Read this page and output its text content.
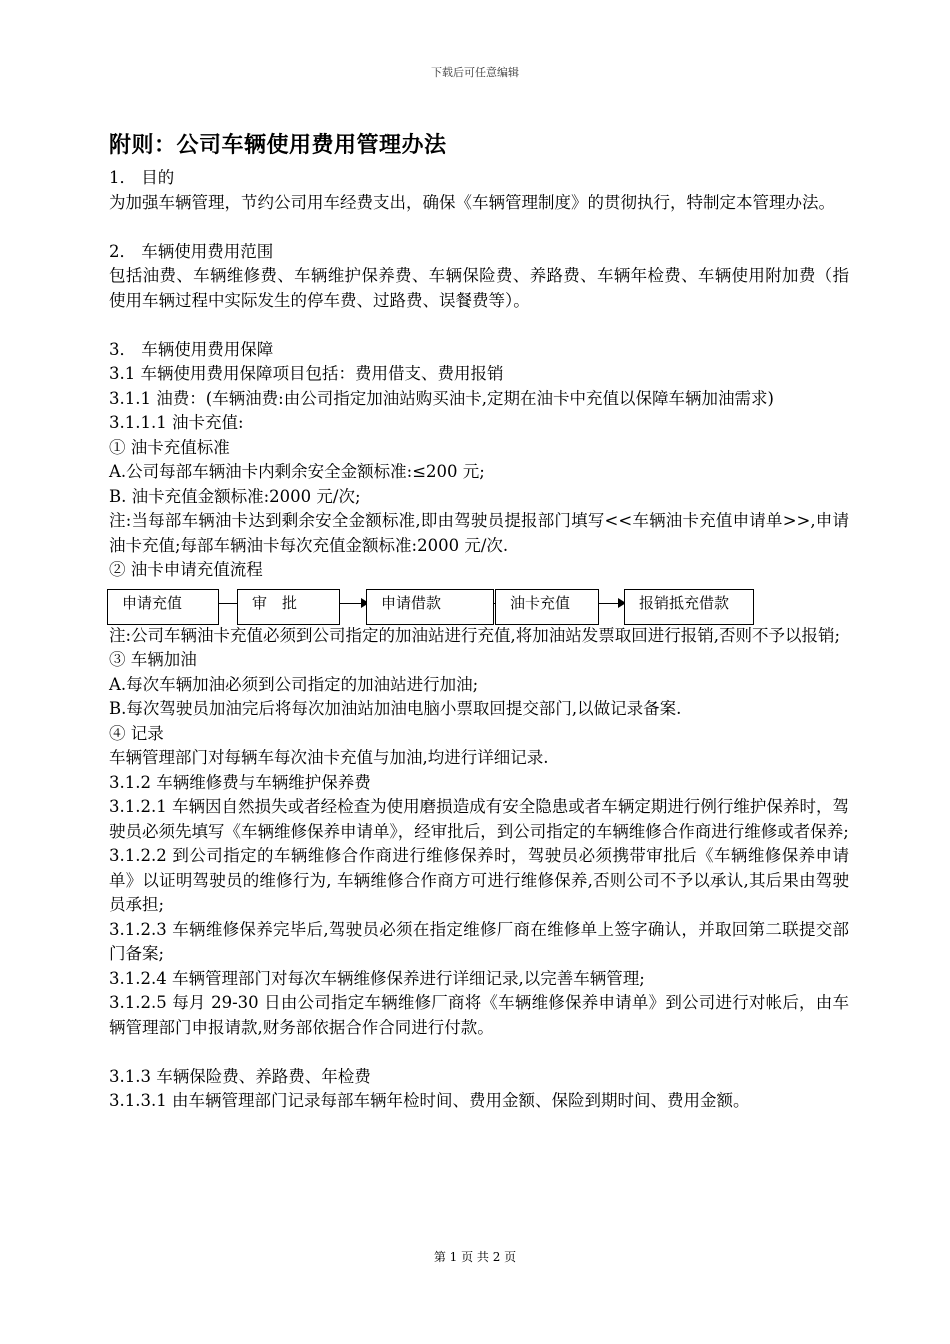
下载后可任意编辑
附则：公司车辆使用费用管理办法

1． 目的

为加强车辆管理，节约公司用车经费支出，确保《车辆管理制度》的贯彻执行，特制定本管理办法。

2． 车辆使用费用范围

包括油费、车辆维修费、车辆维护保养费、车辆保险费、养路费、车辆年检费、车辆使用附加费（指使用车辆过程中实际发生的停车费、过路费、误餐费等）。

3． 车辆使用费用保障

3.1 车辆使用费用保障项目包括：费用借支、费用报销

3.1.1 油费：(车辆油费:由公司指定加油站购买油卡,定期在油卡中充值以保障车辆加油需求)

3.1.1.1 油卡充值:

① 油卡充值标准

A.公司每部车辆油卡内剩余安全金额标准:≤200 元;

B. 油卡充值金额标准:2000 元/次;

注:当每部车辆油卡达到剩余安全金额标准,即由驾驶员提报部门填写<<车辆油卡充值申请单>>,申请油卡充值;每部车辆油卡每次充值金额标准:2000 元/次.

② 油卡申请充值流程

申请充值	审　批	申请借款	油卡充值	报销抵充借款

注:公司车辆油卡充值必须到公司指定的加油站进行充值,将加油站发票取回进行报销,否则不予以报销;

③ 车辆加油

A.每次车辆加油必须到公司指定的加油站进行加油;

B.每次驾驶员加油完后将每次加油站加油电脑小票取回提交部门,以做记录备案.

④ 记录

车辆管理部门对每辆车每次油卡充值与加油,均进行详细记录.

3.1.2 车辆维修费与车辆维护保养费

3.1.2.1 车辆因自然损失或者经检查为使用磨损造成有安全隐患或者车辆定期进行例行维护保养时，驾驶员必须先填写《车辆维修保养申请单》，经审批后，到公司指定的车辆维修合作商进行维修或者保养;

3.1.2.2 到公司指定的车辆维修合作商进行维修保养时，驾驶员必须携带审批后《车辆维修保养申请单》以证明驾驶员的维修行为, 车辆维修合作商方可进行维修保养,否则公司不予以承认,其后果由驾驶员承担;

3.1.2.3 车辆维修保养完毕后,驾驶员必须在指定维修厂商在维修单上签字确认，并取回第二联提交部门备案;

3.1.2.4 车辆管理部门对每次车辆维修保养进行详细记录,以完善车辆管理;

3.1.2.5 每月 29-30 日由公司指定车辆维修厂商将《车辆维修保养申请单》到公司进行对帐后，由车辆管理部门申报请款,财务部依据合作合同进行付款。

3.1.3 车辆保险费、养路费、年检费

3.1.3.1 由车辆管理部门记录每部车辆年检时间、费用金额、保险到期时间、费用金额。

第 1 页 共 2 页
